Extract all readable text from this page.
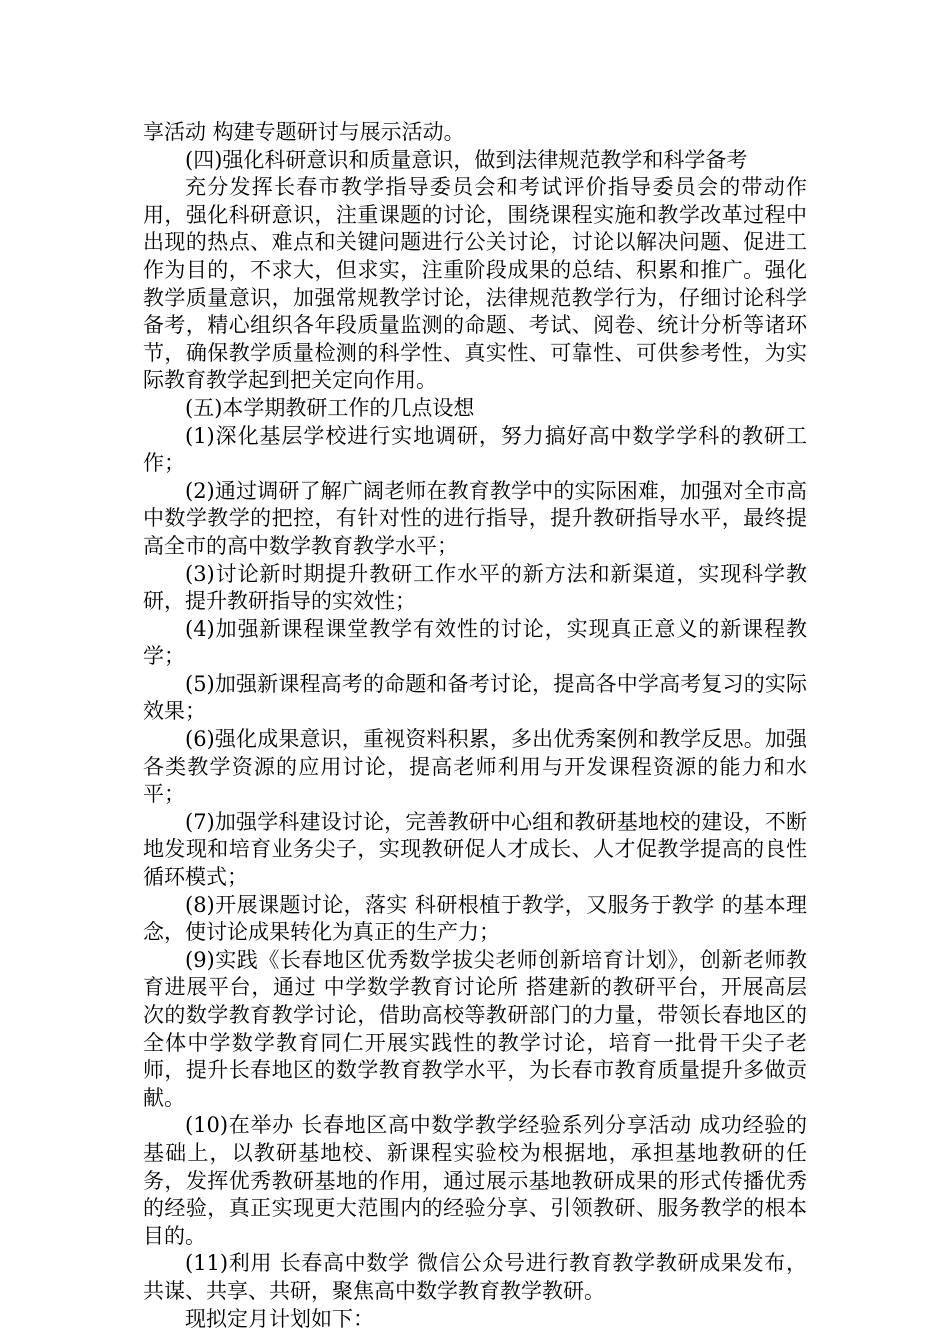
享活动 构建专题研讨与展示活动。

(四)强化科研意识和质量意识，做到法律规范教学和科学备考

充分发挥长春市教学指导委员会和考试评价指导委员会的带动作用，强化科研意识，注重课题的讨论，围绕课程实施和教学改革过程中出现的热点、难点和关键问题进行公关讨论，讨论以解决问题、促进工作为目的，不求大，但求实，注重阶段成果的总结、积累和推广。强化教学质量意识，加强常规教学讨论，法律规范教学行为，仔细讨论科学备考，精心组织各年段质量监测的命题、考试、阅卷、统计分析等诸环节，确保教学质量检测的科学性、真实性、可靠性、可供参考性，为实际教育教学起到把关定向作用。

(五)本学期教研工作的几点设想

(1)深化基层学校进行实地调研，努力搞好高中数学学科的教研工作；

(2)通过调研了解广阔老师在教育教学中的实际困难，加强对全市高中数学教学的把控，有针对性的进行指导，提升教研指导水平，最终提高全市的高中数学教育教学水平；

(3)讨论新时期提升教研工作水平的新方法和新渠道，实现科学教研，提升教研指导的实效性；

(4)加强新课程课堂教学有效性的讨论，实现真正意义的新课程教学；

(5)加强新课程高考的命题和备考讨论，提高各中学高考复习的实际效果；

(6)强化成果意识，重视资料积累，多出优秀案例和教学反思。加强各类教学资源的应用讨论，提高老师利用与开发课程资源的能力和水平；

(7)加强学科建设讨论，完善教研中心组和教研基地校的建设，不断地发现和培育业务尖子，实现教研促人才成长、人才促教学提高的良性循环模式；

(8)开展课题讨论，落实 科研根植于教学，又服务于教学 的基本理念，使讨论成果转化为真正的生产力；

(9)实践《长春地区优秀数学拔尖老师创新培育计划》，创新老师教育进展平台，通过 中学数学教育讨论所 搭建新的教研平台，开展高层次的数学教育教学讨论，借助高校等教研部门的力量，带领长春地区的全体中学数学教育同仁开展实践性的教学讨论，培育一批骨干尖子老师，提升长春地区的数学教育教学水平，为长春市教育质量提升多做贡献。

(10)在举办 长春地区高中数学教学经验系列分享活动 成功经验的基础上，以教研基地校、新课程实验校为根据地，承担基地教研的任务，发挥优秀教研基地的作用，通过展示基地教研成果的形式传播优秀的经验，真正实现更大范围内的经验分享、引领教研、服务教学的根本目的。

(11)利用 长春高中数学 微信公众号进行教育教学教研成果发布，共谋、共享、共研，聚焦高中数学教育教学教研。

现拟定月计划如下：
